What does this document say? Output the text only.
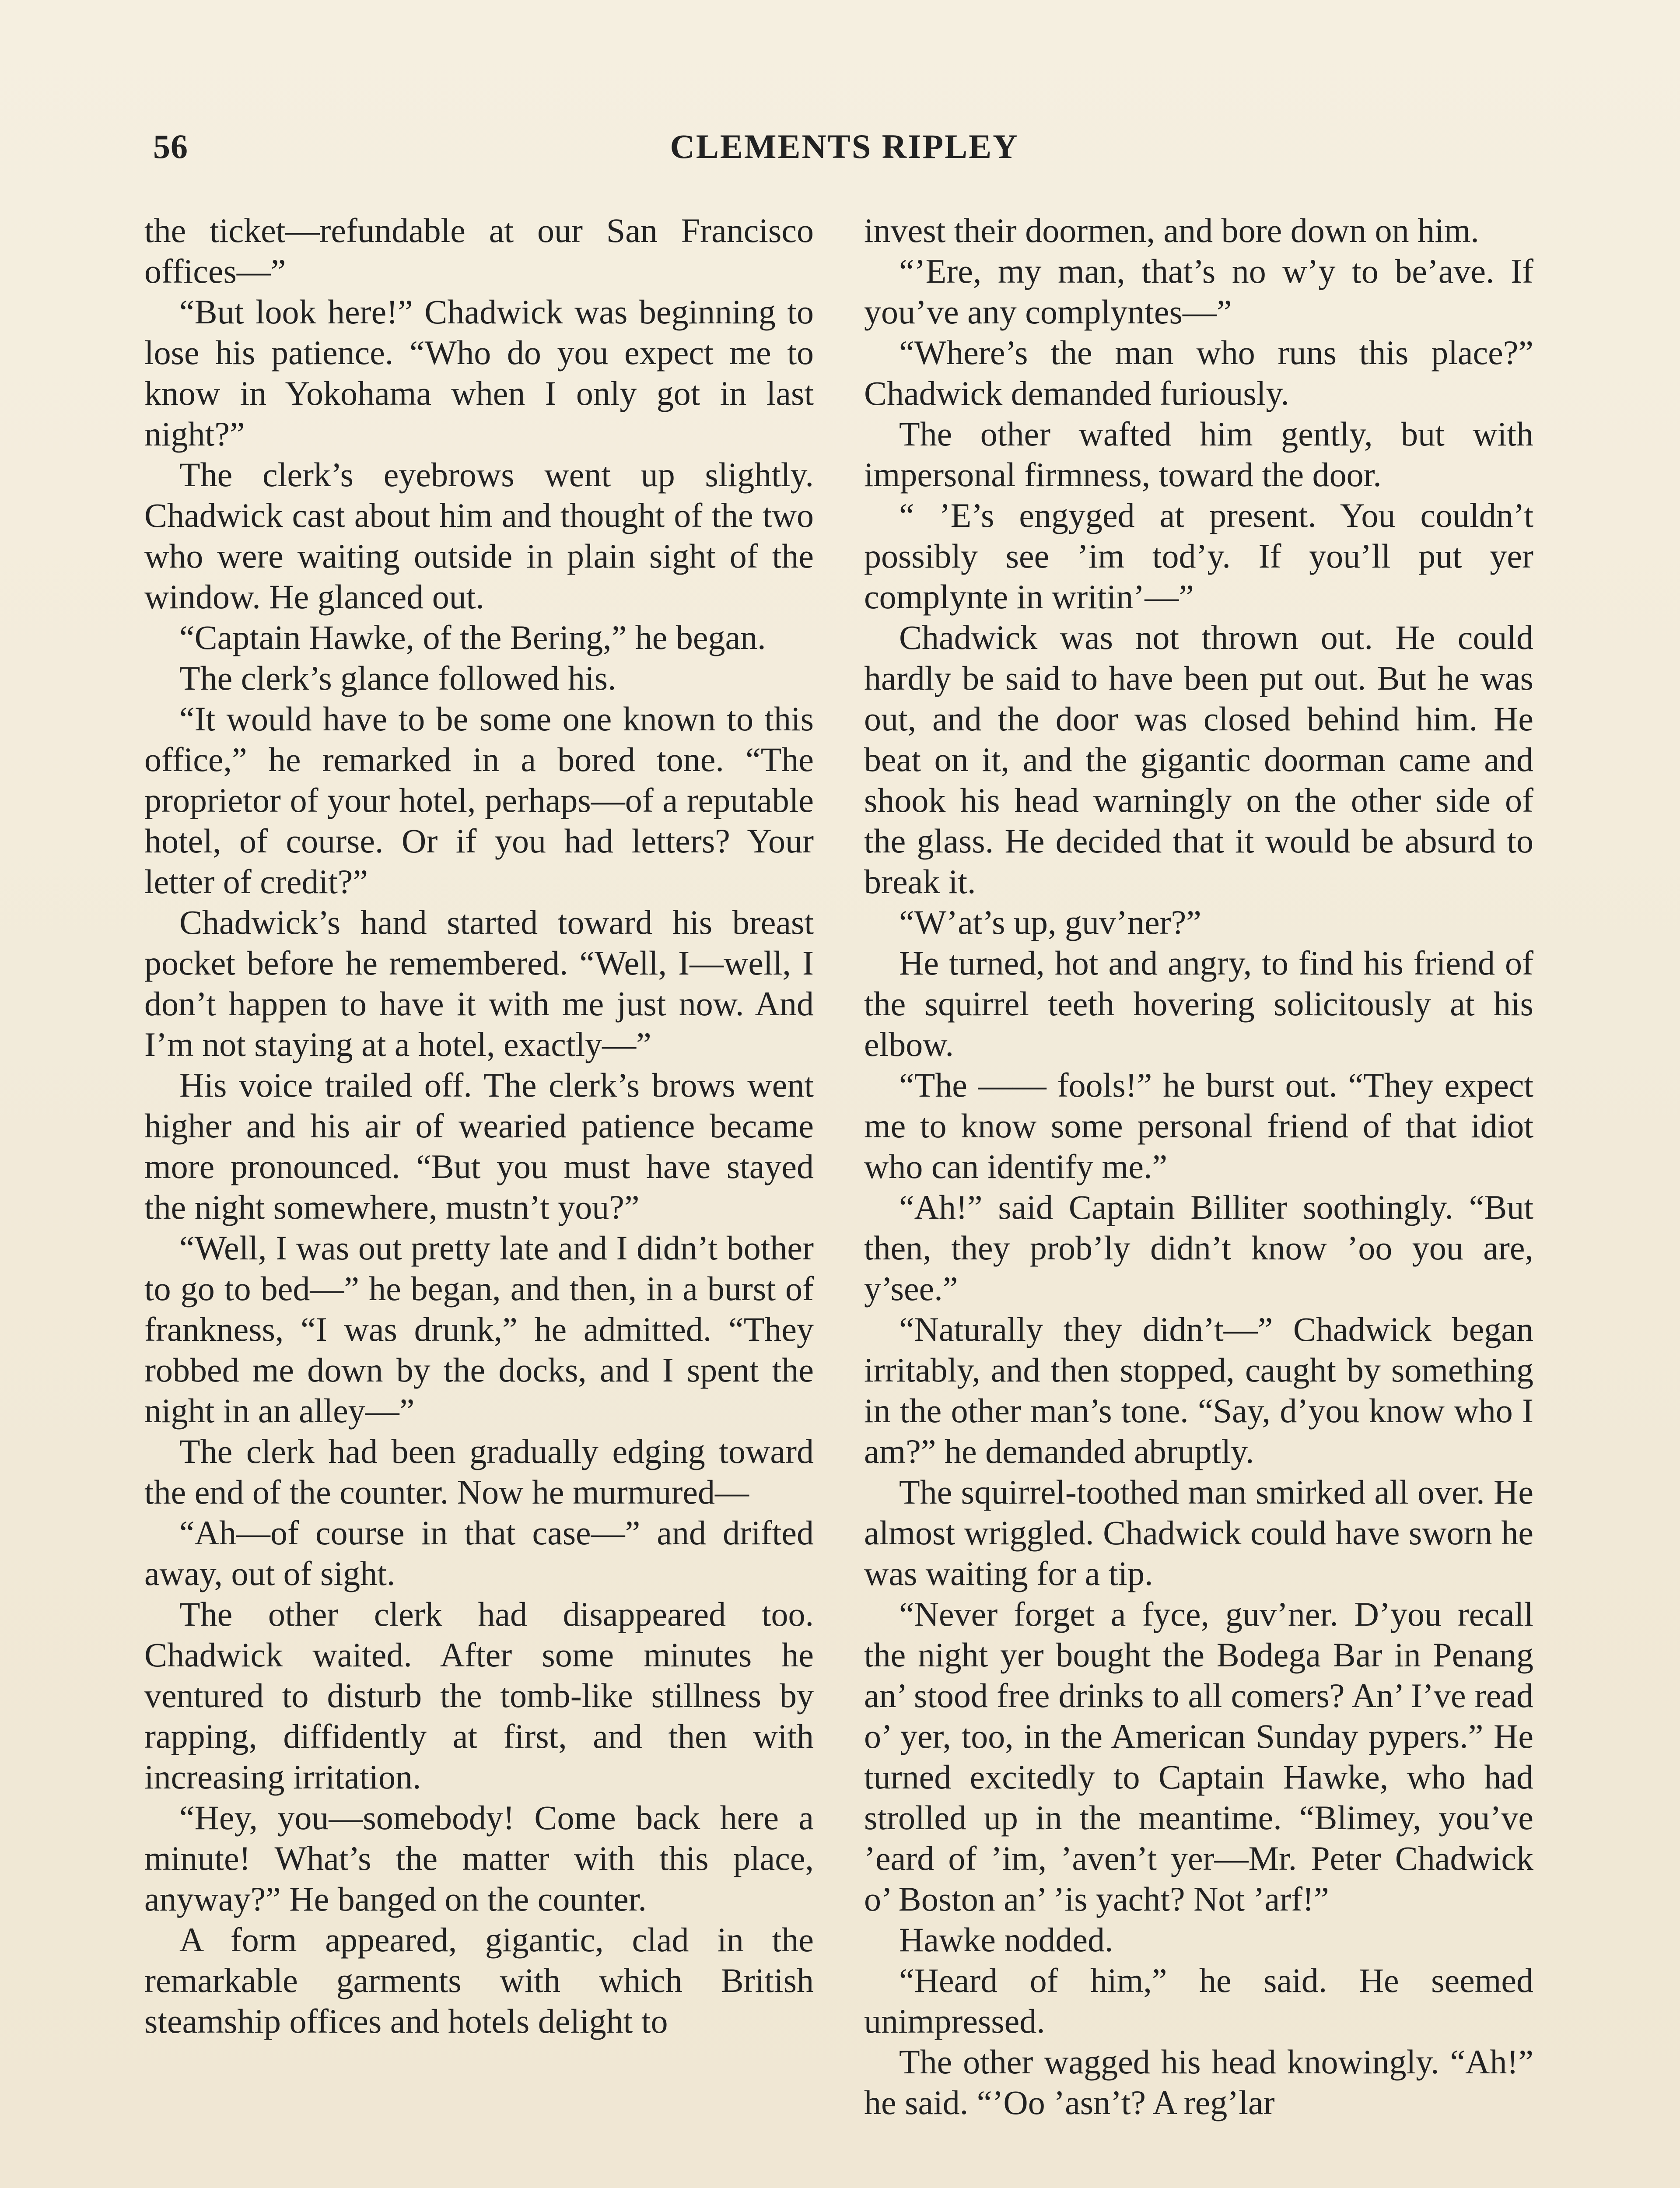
56	CLEMENTS RIPLEY

the ticket—refundable at our San Francisco offices—”

“But look here!” Chadwick was beginning to lose his patience. “Who do you expect me to know in Yokohama when I only got in last night?”

The clerk’s eyebrows went up slightly. Chadwick cast about him and thought of the two who were waiting outside in plain sight of the window. He glanced out.

“Captain Hawke, of the Bering,” he began.

The clerk’s glance followed his.

“It would have to be some one known to this office,” he remarked in a bored tone. “The proprietor of your hotel, perhaps—of a reputable hotel, of course. Or if you had letters? Your letter of credit?”

Chadwick’s hand started toward his breast pocket before he remembered. “Well, I—well, I don’t happen to have it with me just now. And I’m not staying at a hotel, exactly—”

His voice trailed off. The clerk’s brows went higher and his air of wearied patience became more pronounced. “But you must have stayed the night somewhere, mustn’t you?”

“Well, I was out pretty late and I didn’t bother to go to bed—” he began, and then, in a burst of frankness, “I was drunk,” he admitted. “They robbed me down by the docks, and I spent the night in an alley—”

The clerk had been gradually edging toward the end of the counter. Now he murmured—

“Ah—of course in that case—” and drifted away, out of sight.

The other clerk had disappeared too. Chadwick waited. After some minutes he ventured to disturb the tomb-like stillness by rapping, diffidently at first, and then with increasing irritation.

“Hey, you—somebody! Come back here a minute! What’s the matter with this place, anyway?” He banged on the counter.

A form appeared, gigantic, clad in the remarkable garments with which British steamship offices and hotels delight to

invest their doormen, and bore down on him.

“’Ere, my man, that’s no w’y to be’ave. If you’ve any complyntes—”

“Where’s the man who runs this place?” Chadwick demanded furiously.

The other wafted him gently, but with impersonal firmness, toward the door.

“ ’E’s engyged at present. You couldn’t possibly see ’im tod’y. If you’ll put yer complynte in writin’—”

Chadwick was not thrown out. He could hardly be said to have been put out. But he was out, and the door was closed behind him. He beat on it, and the gigantic doorman came and shook his head warningly on the other side of the glass. He decided that it would be absurd to break it.

“W’at’s up, guv’ner?”

He turned, hot and angry, to find his friend of the squirrel teeth hovering solicitously at his elbow.

“The —— fools!” he burst out. “They expect me to know some personal friend of that idiot who can identify me.”

“Ah!” said Captain Billiter soothingly. “But then, they prob’ly didn’t know ’oo you are, y’see.”

“Naturally they didn’t—” Chadwick began irritably, and then stopped, caught by something in the other man’s tone. “Say, d’you know who I am?” he demanded abruptly.

The squirrel-toothed man smirked all over. He almost wriggled. Chadwick could have sworn he was waiting for a tip.

“Never forget a fyce, guv’ner. D’you recall the night yer bought the Bodega Bar in Penang an’ stood free drinks to all comers? An’ I’ve read o’ yer, too, in the American Sunday pypers.” He turned excitedly to Captain Hawke, who had strolled up in the meantime. “Blimey, you’ve ’eard of ’im, ’aven’t yer—Mr. Peter Chadwick o’ Boston an’ ’is yacht? Not ’arf!”

Hawke nodded.

“Heard of him,” he said. He seemed unimpressed.

The other wagged his head knowingly. “Ah!” he said. “’Oo ’asn’t? A reg’lar
